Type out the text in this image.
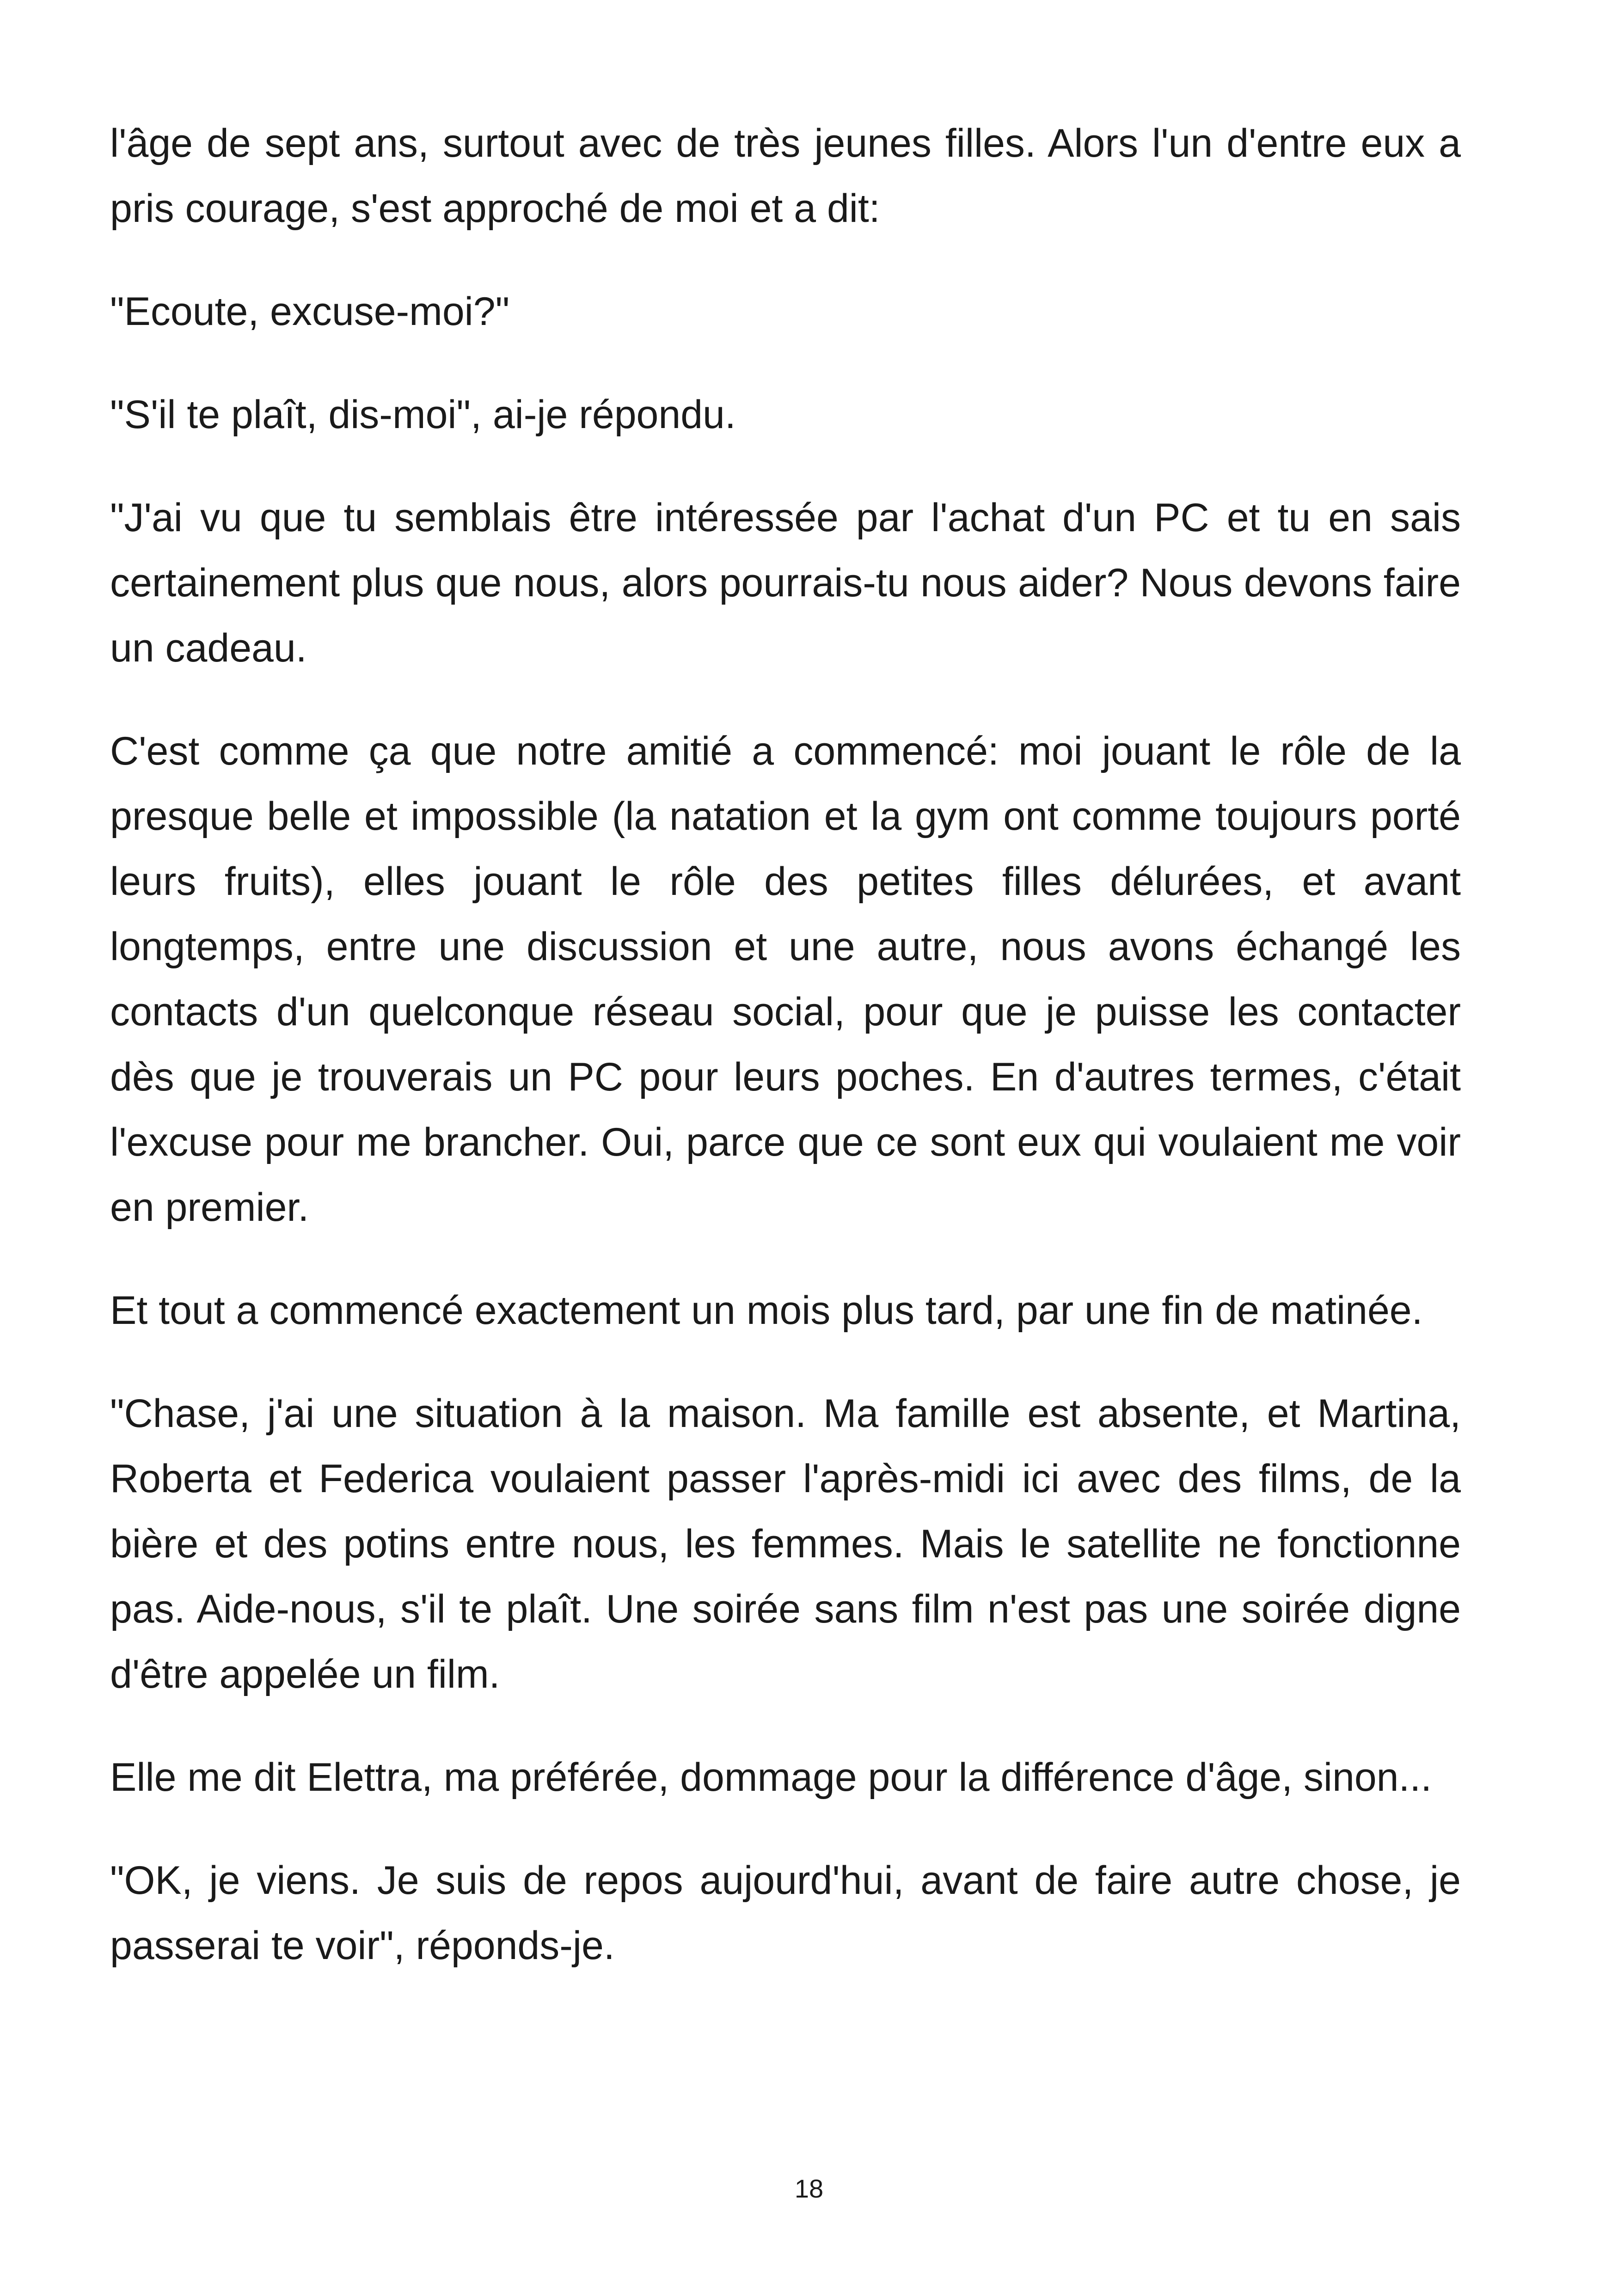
l'âge de sept ans, surtout avec de très jeunes filles. Alors l'un d'entre eux a pris courage, s'est approché de moi et a dit:

"Ecoute, excuse-moi?"

"S'il te plaît, dis-moi", ai-je répondu.

"J'ai vu que tu semblais être intéressée par l'achat d'un PC et tu en sais certainement plus que nous, alors pourrais-tu nous aider? Nous devons faire un cadeau.

C'est comme ça que notre amitié a commencé: moi jouant le rôle de la presque belle et impossible (la natation et la gym ont comme toujours porté leurs fruits), elles jouant le rôle des petites filles délurées, et avant longtemps, entre une discussion et une autre, nous avons échangé les contacts d'un quelconque réseau social, pour que je puisse les contacter dès que je trouverais un PC pour leurs poches. En d'autres termes, c'était l'excuse pour me brancher. Oui, parce que ce sont eux qui voulaient me voir en premier.

Et tout a commencé exactement un mois plus tard, par une fin de matinée.

"Chase, j'ai une situation à la maison. Ma famille est absente, et Martina, Roberta et Federica voulaient passer l'après-midi ici avec des films, de la bière et des potins entre nous, les femmes. Mais le satellite ne fonctionne pas. Aide-nous, s'il te plaît. Une soirée sans film n'est pas une soirée digne d'être appelée un film.

Elle me dit Elettra, ma préférée, dommage pour la différence d'âge, sinon...

"OK, je viens. Je suis de repos aujourd'hui, avant de faire autre chose, je passerai te voir", réponds-je.

18
